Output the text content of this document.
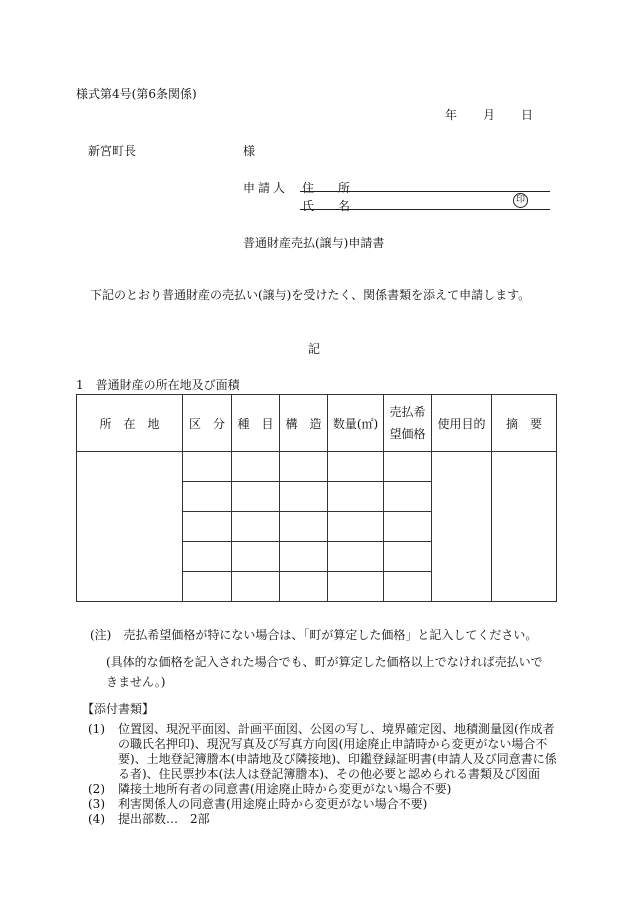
様式第4号(第6条関係)
年 月 日
新宮町長	様
申請人 住　　所
氏　　名	印
普通財産売払(譲与)申請書
下記のとおり普通財産の売払い(譲与)を受けたく、関係書類を添えて申請します。
記
1　普通財産の所在地及び面積
所　在　地	区　分	種　目	構　造	数量(㎡)	売払希望価格	使用目的	摘　要

(注)　売払希望価格が特にない場合は、「町が算定した価格」と記入してください。
(具体的な価格を記入された場合でも、町が算定した価格以上でなければ売払いできません。)
【添付書類】
(1)	位置図、現況平面図、計画平面図、公図の写し、境界確定図、地積測量図(作成者の職氏名押印)、現況写真及び写真方向図(用途廃止申請時から変更がない場合不要)、土地登記簿謄本(申請地及び隣接地)、印鑑登録証明書(申請人及び同意書に係る者)、住民票抄本(法人は登記簿謄本)、その他必要と認められる書類及び図面
(2)	隣接土地所有者の同意書(用途廃止時から変更がない場合不要)
(3)	利害関係人の同意書(用途廃止時から変更がない場合不要)
(4)	提出部数…　2部
